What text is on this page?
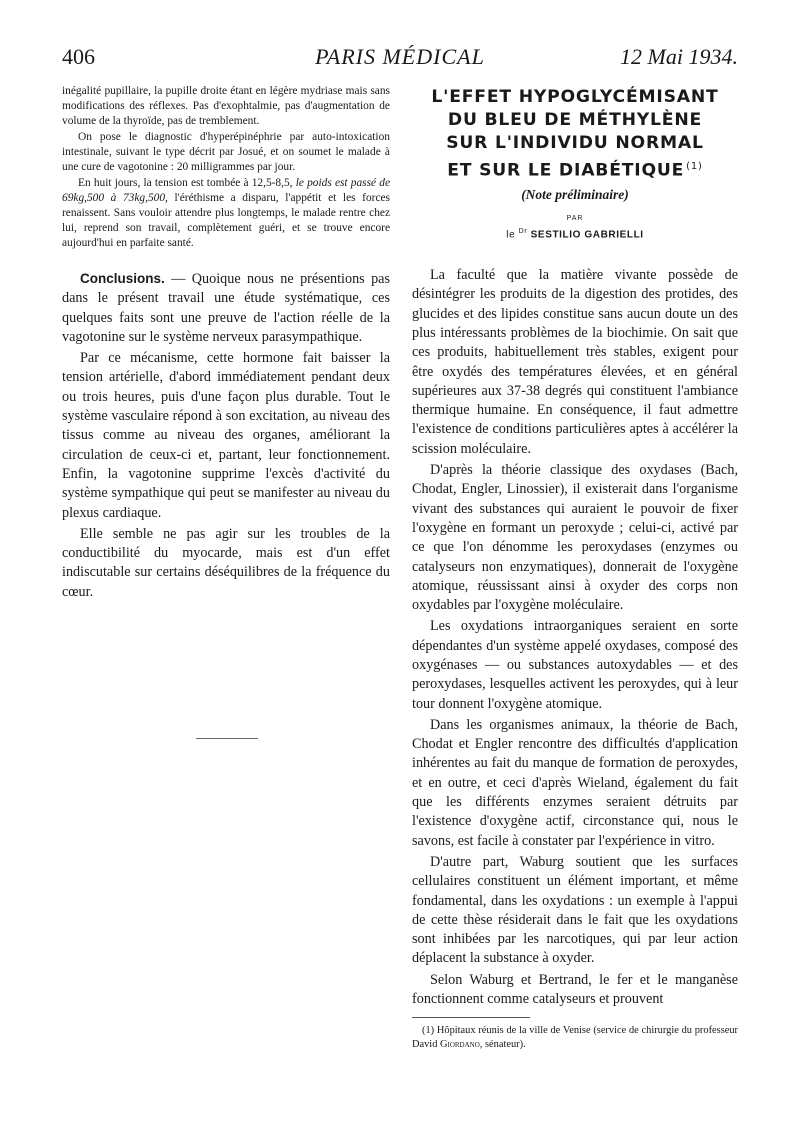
406	PARIS MÉDICAL	12 Mai 1934.

inégalité pupillaire, la pupille droite étant en légère mydriase mais sans modifications des réflexes. Pas d'exophtalmie, pas d'augmentation de volume de la thyroïde, pas de tremblement.

On pose le diagnostic d'hyperépinéphrie par auto-intoxication intestinale, suivant le type décrit par Josué, et on soumet le malade à une cure de vagotonine : 20 milligrammes par jour.

En huit jours, la tension est tombée à 12,5-8,5, le poids est passé de 69kg,500 à 73kg,500, l'éréthisme a disparu, l'appétit et les forces renaissent. Sans vouloir attendre plus longtemps, le malade rentre chez lui, reprend son travail, complètement guéri, et se trouve encore aujourd'hui en parfaite santé.

Conclusions. — Quoique nous ne présentions pas dans le présent travail une étude systématique, ces quelques faits sont une preuve de l'action réelle de la vagotonine sur le système nerveux parasympathique.

Par ce mécanisme, cette hormone fait baisser la tension artérielle, d'abord immédiatement pendant deux ou trois heures, puis d'une façon plus durable. Tout le système vasculaire répond à son excitation, au niveau des tissus comme au niveau des organes, améliorant la circulation de ceux-ci et, partant, leur fonctionnement. Enfin, la vagotonine supprime l'excès d'activité du système sympathique qui peut se manifester au niveau du plexus cardiaque.

Elle semble ne pas agir sur les troubles de la conductibilité du myocarde, mais est d'un effet indiscutable sur certains déséquilibres de la fréquence du cœur.

L'EFFET HYPOGLYCÉMISANT
DU BLEU DE MÉTHYLÈNE
SUR L'INDIVIDU NORMAL
ET SUR LE DIABÉTIQUE $^{(1)}$
(Note préliminaire)
PAR
le $^{Dr}$ SESTILIO GABRIELLI

La faculté que la matière vivante possède de désintégrer les produits de la digestion des protides, des glucides et des lipides constitue sans aucun doute un des plus intéressants problèmes de la biochimie. On sait que ces produits, habituellement très stables, exigent pour être oxydés des températures élevées, et en général supérieures aux 37-38 degrés qui constituent l'ambiance thermique humaine. En conséquence, il faut admettre l'existence de conditions particulières aptes à accélérer la scission moléculaire.

D'après la théorie classique des oxydases (Bach, Chodat, Engler, Linossier), il existerait dans l'organisme vivant des substances qui auraient le pouvoir de fixer l'oxygène en formant un peroxyde ; celui-ci, activé par ce que l'on dénomme les peroxydases (enzymes ou catalyseurs non enzymatiques), donnerait de l'oxygène atomique, réussissant ainsi à oxyder des corps non oxydables par l'oxygène moléculaire.

Les oxydations intraorganiques seraient en sorte dépendantes d'un système appelé oxydases, composé des oxygénases — ou substances autoxydables — et des peroxydases, lesquelles activent les peroxydes, qui à leur tour donnent l'oxygène atomique.

Dans les organismes animaux, la théorie de Bach, Chodat et Engler rencontre des difficultés d'application inhérentes au fait du manque de formation de peroxydes, et en outre, et ceci d'après Wieland, également du fait que les différents enzymes seraient détruits par l'existence d'oxygène actif, circonstance qui, nous le savons, est facile à constater par l'expérience in vitro.

D'autre part, Waburg soutient que les surfaces cellulaires constituent un élément important, et même fondamental, dans les oxydations : un exemple à l'appui de cette thèse résiderait dans le fait que les oxydations sont inhibées par les narcotiques, qui par leur action déplacent la substance à oxyder.

Selon Waburg et Bertrand, le fer et le manganèse fonctionnent comme catalyseurs et prouvent

(1) Hôpitaux réunis de la ville de Venise (service de chirurgie du professeur David Giordano, sénateur).
